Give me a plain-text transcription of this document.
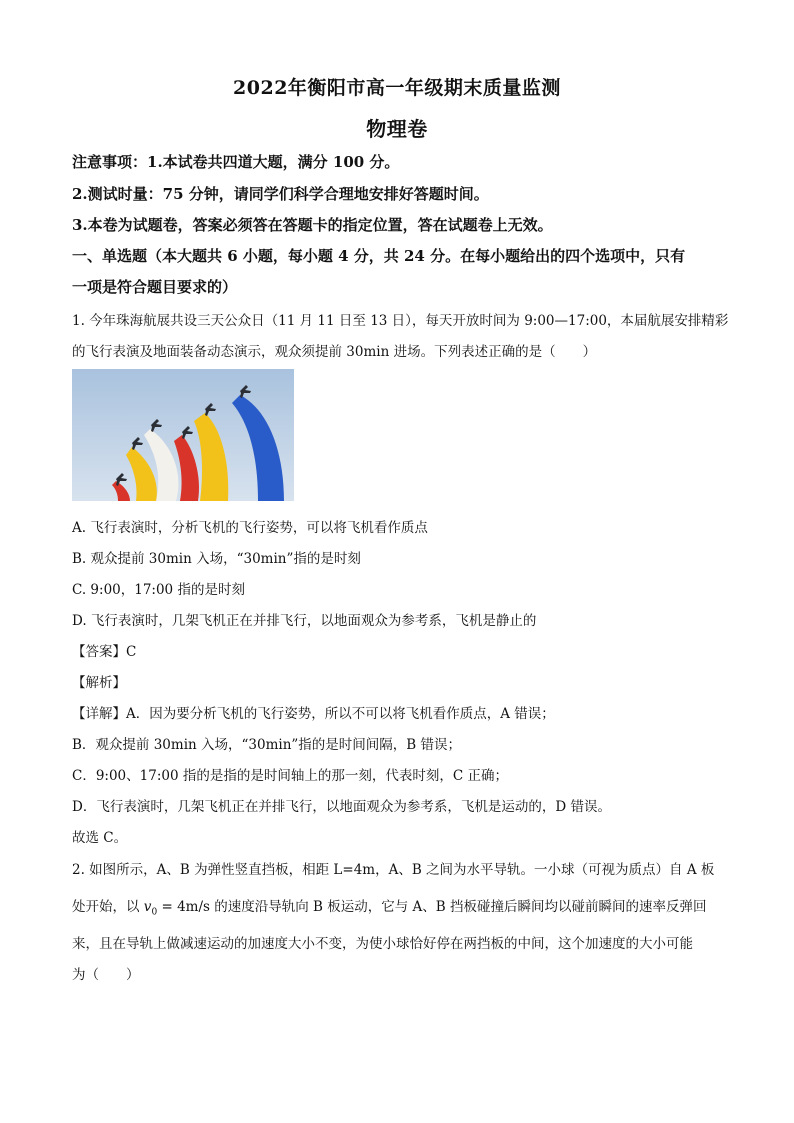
2022年衡阳市高一年级期末质量监测
物理卷
注意事项：1.本试卷共四道大题，满分 100 分。
2.测试时量：75 分钟，请同学们科学合理地安排好答题时间。
3.本卷为试题卷，答案必须答在答题卡的指定位置，答在试题卷上无效。
一、单选题（本大题共 6 小题，每小题 4 分，共 24 分。在每小题给出的四个选项中，只有
一项是符合题目要求的）
1. 今年珠海航展共设三天公众日（11 月 11 日至 13 日），每天开放时间为 9:00—17:00，本届航展安排精彩
的飞行表演及地面装备动态演示，观众须提前 30min 进场。下列表述正确的是（　　）
A. 飞行表演时，分析飞机的飞行姿势，可以将飞机看作质点
B. 观众提前 30min 入场，“30min”指的是时刻
C. 9:00，17:00 指的是时刻
D. 飞行表演时，几架飞机正在并排飞行，以地面观众为参考系，飞机是静止的
【答案】C
【解析】
【详解】A．因为要分析飞机的飞行姿势，所以不可以将飞机看作质点，A 错误；
B．观众提前 30min 入场，“30min”指的是时间间隔，B 错误；
C．9:00、17:00 指的是指的是时间轴上的那一刻，代表时刻，C 正确；
D．飞行表演时，几架飞机正在并排飞行，以地面观众为参考系，飞机是运动的，D 错误。
故选 C。
2. 如图所示，A、B 为弹性竖直挡板，相距 L=4m，A、B 之间为水平导轨。一小球（可视为质点）自 A 板
处开始，以 $v_0 = 4m/s$ 的速度沿导轨向 B 板运动，它与 A、B 挡板碰撞后瞬间均以碰前瞬间的速率反弹回
来，且在导轨上做减速运动的加速度大小不变，为使小球恰好停在两挡板的中间，这个加速度的大小可能
为（　　）
